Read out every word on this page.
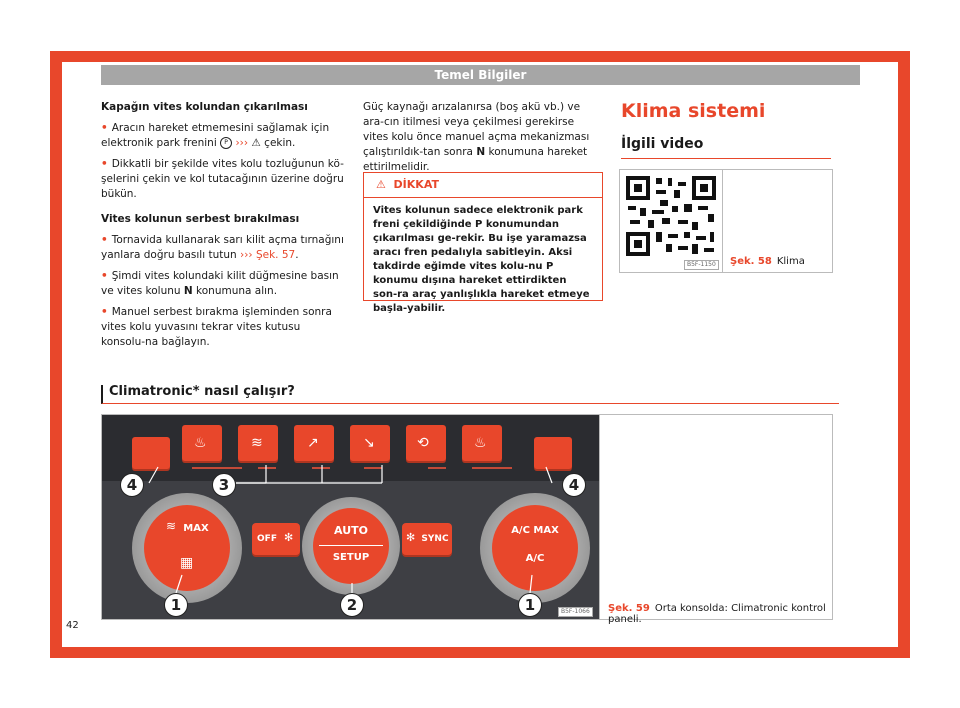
Temel Bilgiler
Kapağın vites kolundan çıkarılması

• Aracın hareket etmemesini sağlamak için elektronik park frenini P ››› ⚠ çekin.

• Dikkatli bir şekilde vites kolu tozluğunun kö-şelerini çekin ve kol tutacağının üzerine doğru bükün.

Vites kolunun serbest bırakılması

• Tornavida kullanarak sarı kilit açma tırnağını yanlara doğru basılı tutun ››› Şek. 57.

• Şimdi vites kolundaki kilit düğmesine basın ve vites kolunu N konumuna alın.

• Manuel serbest bırakma işleminden sonra vites kolu yuvasını tekrar vites kutusu konsolu-na bağlayın.

Güç kaynağı arızalanırsa (boş akü vb.) ve ara-cın itilmesi veya çekilmesi gerekirse vites kolu önce manuel açma mekanizması çalıştırıldık-tan sonra N konumuna hareket ettirilmelidir.

⚠ DİKKAT
Vites kolunun sadece elektronik park freni çekildiğinde P konumundan çıkarılması ge-rekir. Bu işe yaramazsa aracı fren pedalıyla sabitleyin. Aksi takdirde eğimde vites kolu-nu P konumu dışına hareket ettirdikten son-ra araç yanlışlıkla hareket etmeye başla-yabilir.
Klima sistemi
İlgili video
B5F-1150	Şek. 58 Klima
Climatronic* nasıl çalışır?
♨	≋	↗	↘	⟲	♨
MAX
≋
▦
AUTO
SETUP
OFF ✻	✻ SYNC
A/C MAX
A/C
4	3	4
1	2	1	B5F-1066	Şek. 59 Orta konsolda: Climatronic kontrol paneli.
42
